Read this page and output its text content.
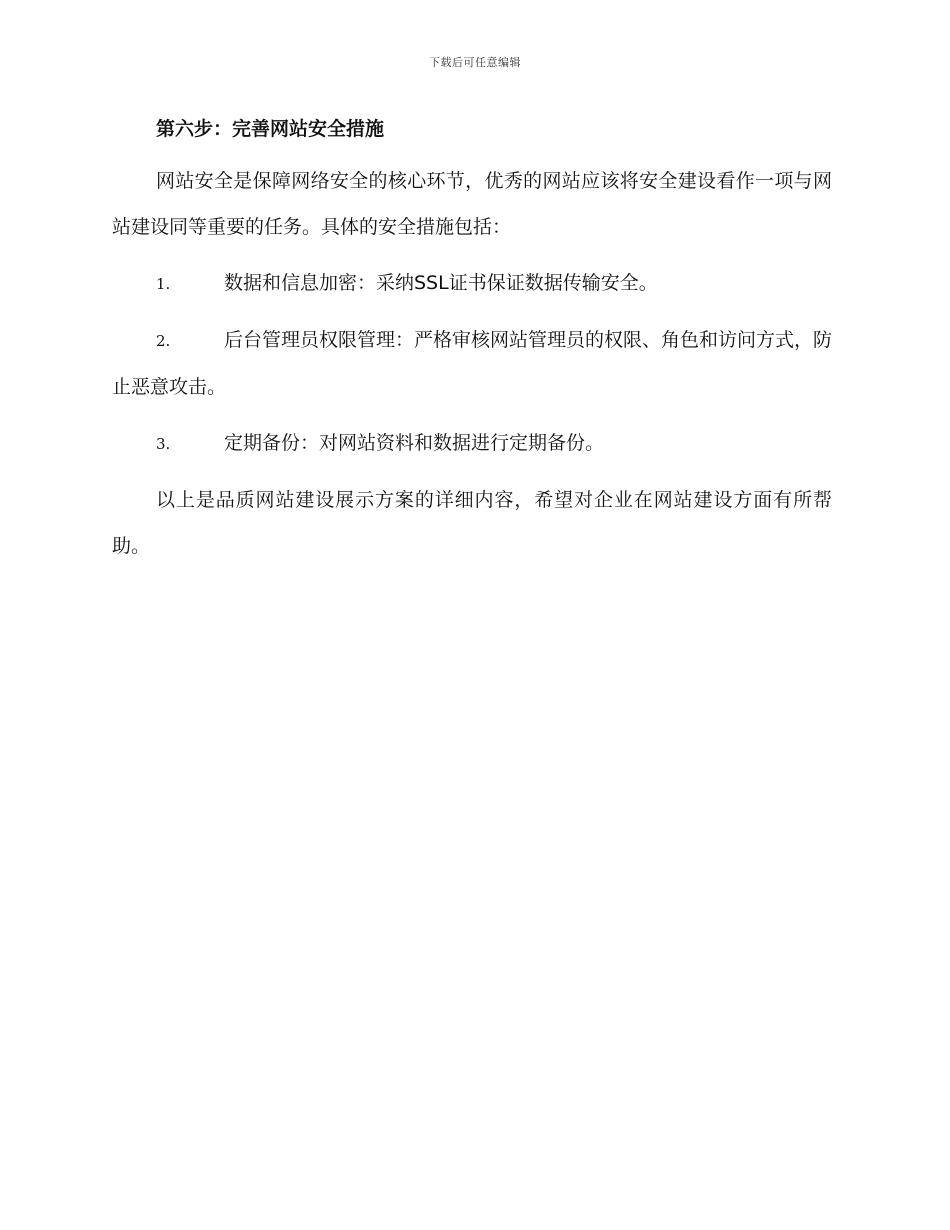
下载后可任意编辑

第六步：完善网站安全措施

网站安全是保障网络安全的核心环节，优秀的网站应该将安全建设看作一项与网站建设同等重要的任务。具体的安全措施包括：

1.	数据和信息加密：采纳SSL证书保证数据传输安全。

2.	后台管理员权限管理：严格审核网站管理员的权限、角色和访问方式，防止恶意攻击。

3.	定期备份：对网站资料和数据进行定期备份。

以上是品质网站建设展示方案的详细内容，希望对企业在网站建设方面有所帮助。
